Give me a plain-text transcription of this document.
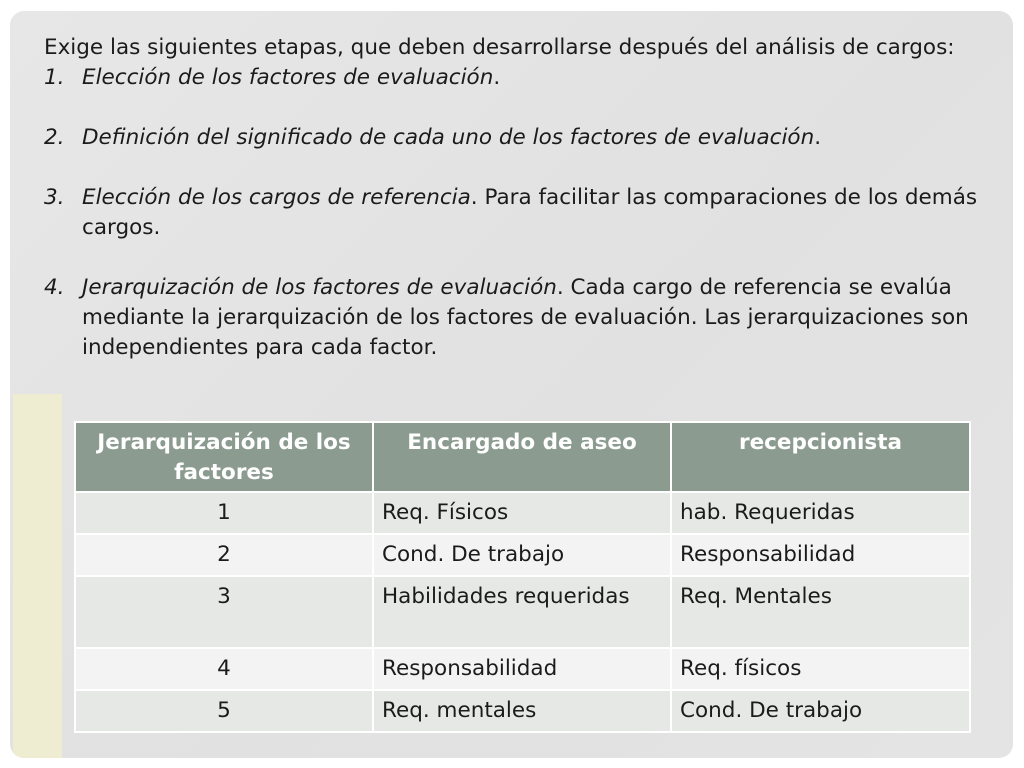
Exige las siguientes etapas, que deben desarrollarse después del análisis de cargos:

1. Elección de los factores de evaluación.
2. Definición del significado de cada uno de los factores de evaluación.
3. Elección de los cargos de referencia. Para facilitar las comparaciones de los demás cargos.
4. Jerarquización de los factores de evaluación. Cada cargo de referencia se evalúa mediante la jerarquización de los factores de evaluación. Las jerarquizaciones son independientes para cada factor.
Jerarquización de los factores	Encargado de aseo	recepcionista
1	Req. Físicos	hab. Requeridas
2	Cond. De trabajo	Responsabilidad
3	Habilidades requeridas	Req. Mentales
4	Responsabilidad	Req. físicos
5	Req. mentales	Cond. De trabajo
